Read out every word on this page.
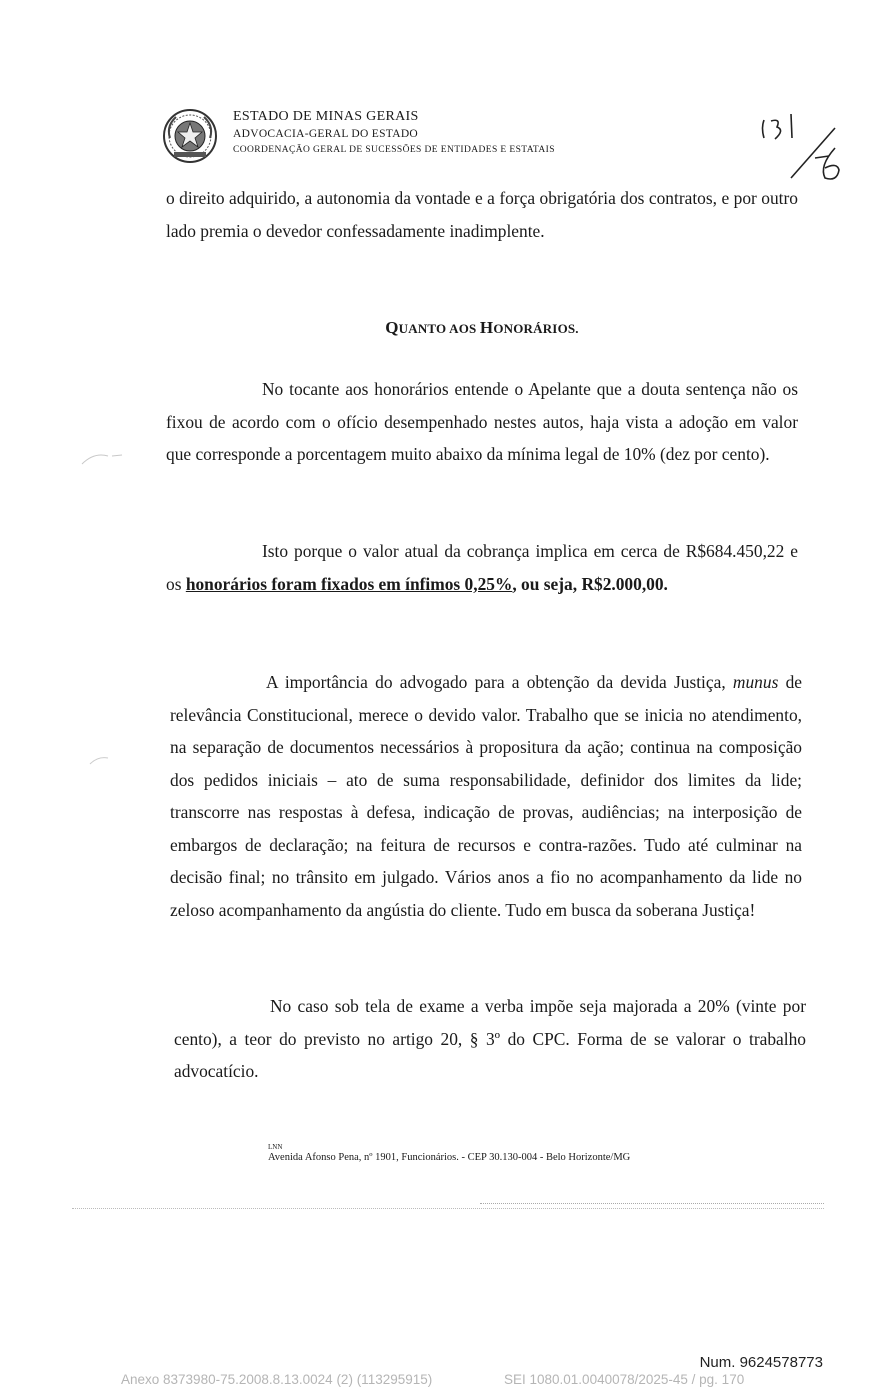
ESTADO DE MINAS GERAIS
ADVOCACIA-GERAL DO ESTADO
COORDENAÇÃO GERAL DE SUCESSÕES DE ENTIDADES E ESTATAIS
o direito adquirido, a autonomia da vontade e a força obrigatória dos contratos, e por outro lado premia o devedor confessadamente inadimplente.
QUANTO AOS HONORÁRIOS.
No tocante aos honorários entende o Apelante que a douta sentença não os fixou de acordo com o ofício desempenhado nestes autos, haja vista a adoção em valor que corresponde a porcentagem muito abaixo da mínima legal de 10% (dez por cento).
Isto porque o valor atual da cobrança implica em cerca de R$684.450,22 e os honorários foram fixados em ínfimos 0,25%, ou seja, R$2.000,00.
A importância do advogado para a obtenção da devida Justiça, munus de relevância Constitucional, merece o devido valor. Trabalho que se inicia no atendimento, na separação de documentos necessários à propositura da ação; continua na composição dos pedidos iniciais – ato de suma responsabilidade, definidor dos limites da lide; transcorre nas respostas à defesa, indicação de provas, audiências; na interposição de embargos de declaração; na feitura de recursos e contra-razões. Tudo até culminar na decisão final; no trânsito em julgado. Vários anos a fio no acompanhamento da lide no zeloso acompanhamento da angústia do cliente. Tudo em busca da soberana Justiça!
No caso sob tela de exame a verba impõe seja majorada a 20% (vinte por cento), a teor do previsto no artigo 20, § 3º do CPC. Forma de se valorar o trabalho advocatício.
LNN
Avenida Afonso Pena, nº 1901, Funcionários. - CEP 30.130-004 - Belo Horizonte/MG
Num. 9624578773
Anexo 8373980-75.2008.8.13.0024 (2) (113295915)	SEI 1080.01.0040078/2025-45 / pg. 170
